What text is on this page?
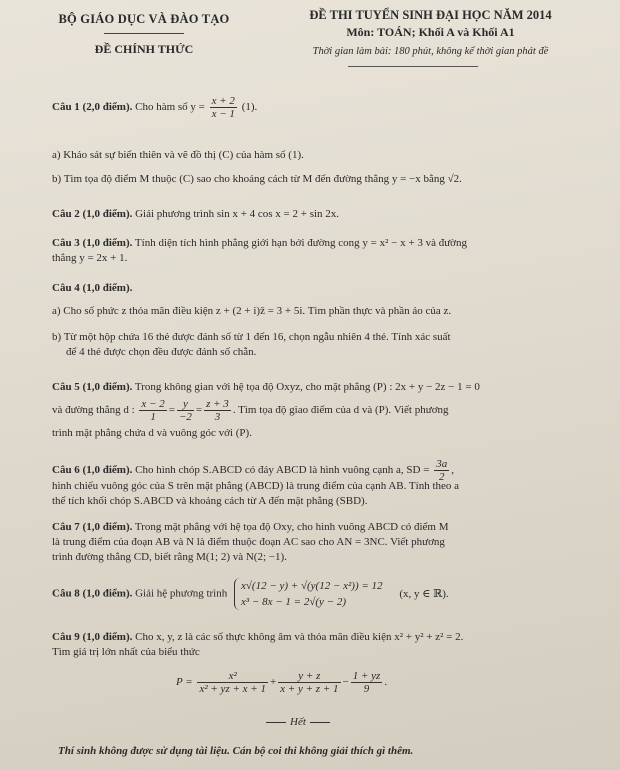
BỘ GIÁO DỤC VÀ ĐÀO TẠO
ĐỀ CHÍNH THỨC
ĐỀ THI TUYỂN SINH ĐẠI HỌC NĂM 2014
Môn: TOÁN; Khối A và Khối A1
Thời gian làm bài: 180 phút, không kể thời gian phát đề
Câu 1 (2,0 điểm). Cho hàm số $y = \frac{x + 2}{x - 1} (1)$.
a) Khảo sát sự biến thiên và vẽ đồ thị (C) của hàm số (1).
b) Tìm tọa độ điểm M thuộc (C) sao cho khoảng cách từ M đến đường thẳng y = −x bằng √2.
Câu 2 (1,0 điểm). Giải phương trình sin x + 4 cos x = 2 + sin 2x.
Câu 3 (1,0 điểm). Tính diện tích hình phẳng giới hạn bởi đường cong y = x² − x + 3 và đường
thẳng y = 2x + 1.
Câu 4 (1,0 điểm).
a) Cho số phức z thỏa mãn điều kiện z + (2 + i)z̄ = 3 + 5i. Tìm phần thực và phần ảo của z.
b) Từ một hộp chứa 16 thẻ được đánh số từ 1 đến 16, chọn ngẫu nhiên 4 thẻ. Tính xác suất
để 4 thẻ được chọn đều được đánh số chẵn.
Câu 5 (1,0 điểm). Trong không gian với hệ tọa độ Oxyz, cho mặt phẳng (P) : 2x + y − 2z − 1 = 0
và đường thẳng d : $\frac{x - 2}{1} = \frac{y}{-2} = \frac{z + 3}{3}$ . Tìm tọa độ giao điểm của d và (P). Viết phương
trình mặt phẳng chứa d và vuông góc với (P).
Câu 6 (1,0 điểm). Cho hình chóp S.ABCD có đáy ABCD là hình vuông cạnh a, SD = $\frac{3a}{2}$ ,
hình chiếu vuông góc của S trên mặt phẳng (ABCD) là trung điểm của cạnh AB. Tính theo a
thể tích khối chóp S.ABCD và khoảng cách từ A đến mặt phẳng (SBD).
Câu 7 (1,0 điểm). Trong mặt phẳng với hệ tọa độ Oxy, cho hình vuông ABCD có điểm M
là trung điểm của đoạn AB và N là điểm thuộc đoạn AC sao cho AN = 3NC. Viết phương
trình đường thẳng CD, biết rằng M(1; 2) và N(2; −1).
Câu 8 (1,0 điểm). Giải hệ phương trình x√(12 − y) + √(y(12 − x²)) = 12
x³ − 8x − 1 = 2√(y − 2) (x, y ∈ ℝ).
Câu 9 (1,0 điểm). Cho x, y, z là các số thực không âm và thỏa mãn điều kiện x² + y² + z² = 2.
Tìm giá trị lớn nhất của biểu thức
$P = \frac{\text{x²}}{\text{x² + yz + x + 1}} + \frac{y + z}{x + y + z + 1} - \frac{1 + yz}{9}$ .
Hết
Thí sinh không được sử dụng tài liệu. Cán bộ coi thi không giải thích gì thêm.
